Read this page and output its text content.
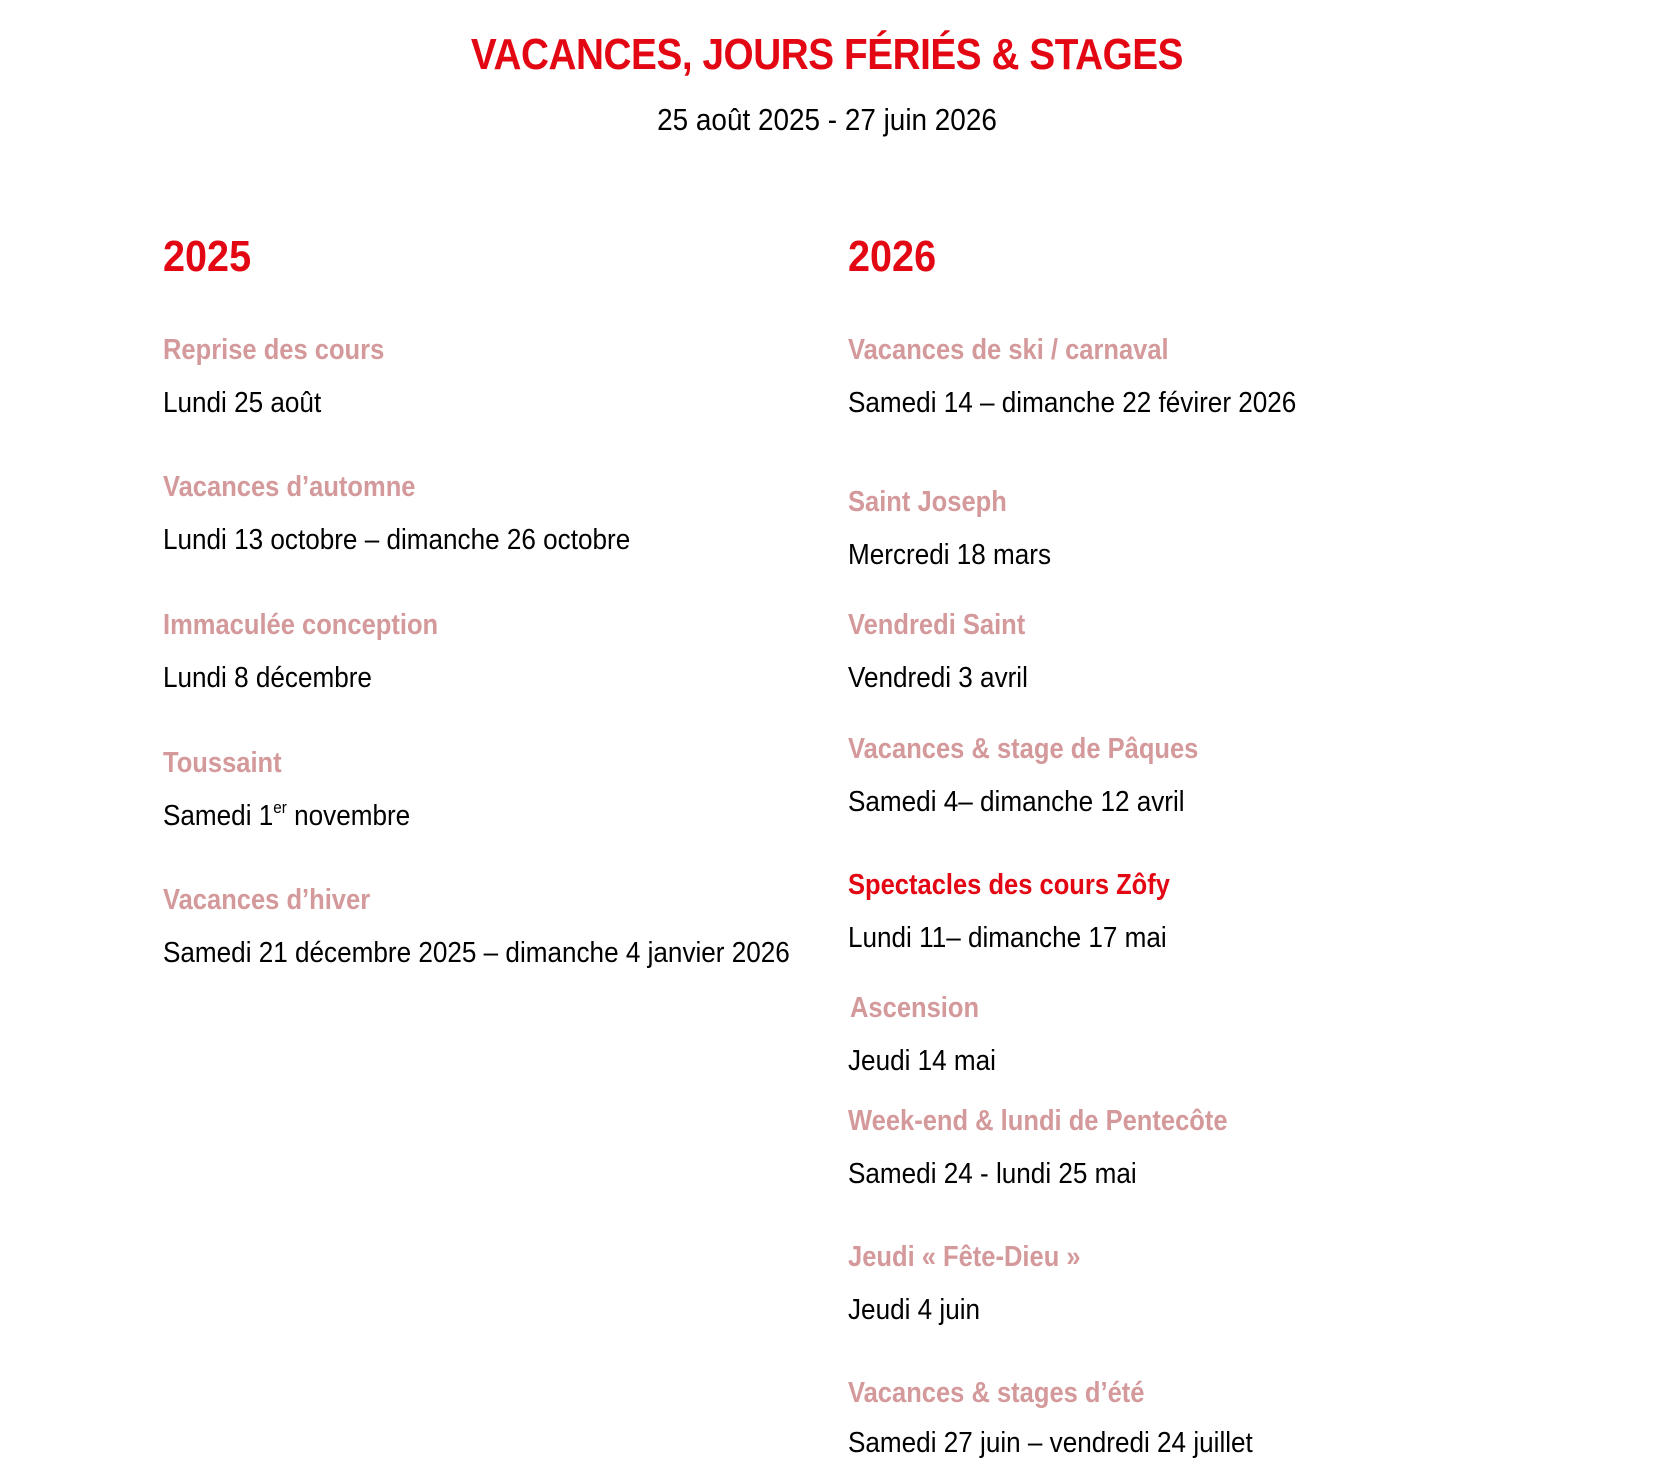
VACANCES, JOURS FÉRIÉS & STAGES
25 août 2025 - 27 juin 2026
2025
Reprise des cours
Lundi 25 août
Vacances d’automne
Lundi 13 octobre – dimanche 26 octobre
Immaculée conception
Lundi 8 décembre
Toussaint
Samedi 1er novembre
Vacances d’hiver
Samedi 21 décembre 2025 – dimanche 4 janvier 2026
2026
Vacances de ski / carnaval
Samedi 14 – dimanche 22 févirer 2026
Saint Joseph
Mercredi 18 mars
Vendredi Saint
Vendredi 3 avril
Vacances & stage de Pâques
Samedi 4– dimanche 12 avril
Spectacles des cours Zôfy
Lundi 11– dimanche 17 mai
Ascension
Jeudi 14 mai
Week-end & lundi de Pentecôte
Samedi 24 - lundi 25 mai
Jeudi « Fête-Dieu »
Jeudi 4 juin
Vacances & stages d’été
Samedi 27 juin – vendredi 24 juillet
